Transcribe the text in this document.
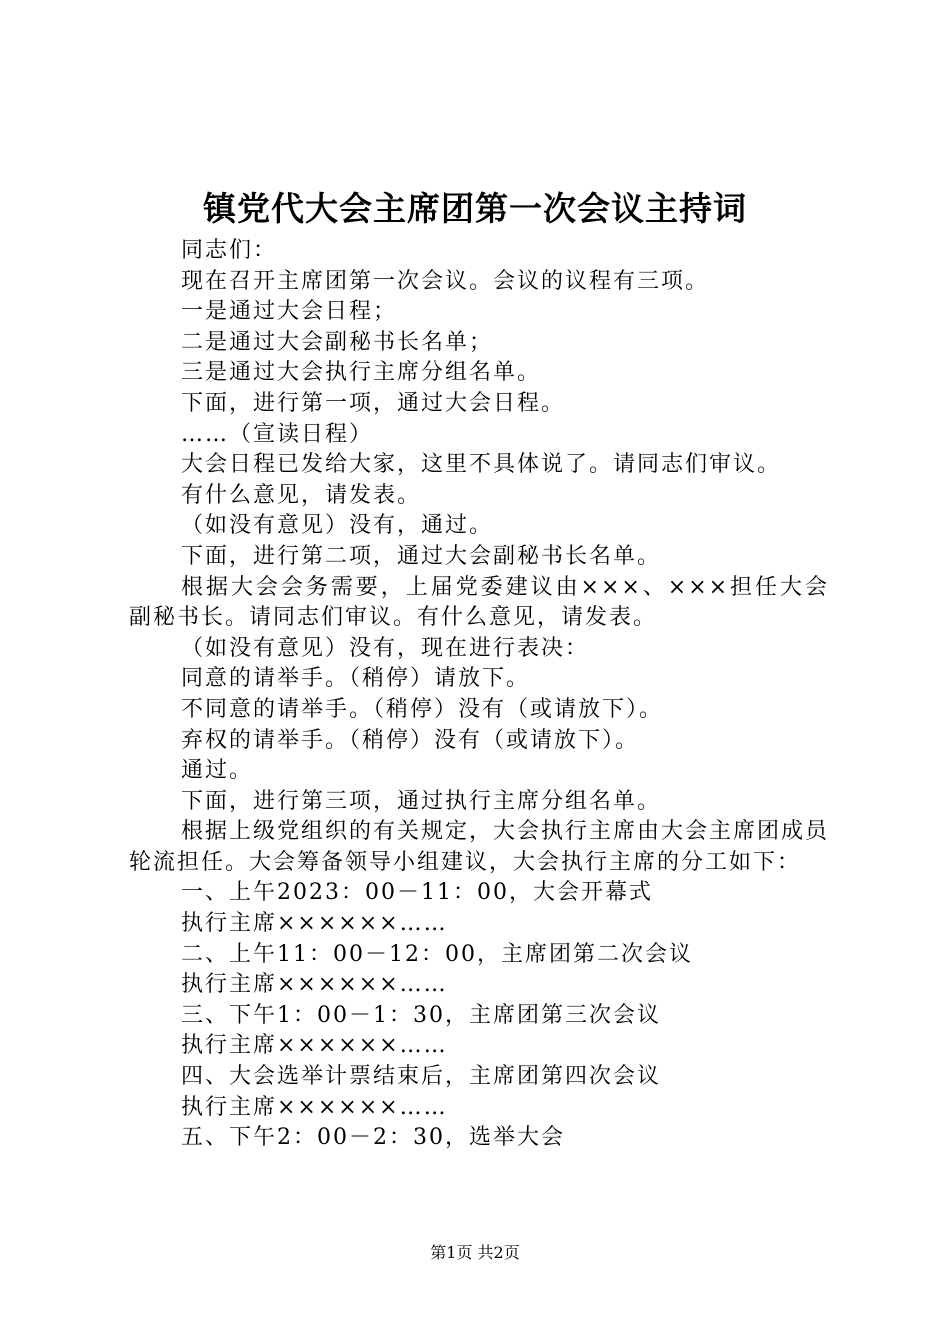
镇党代大会主席团第一次会议主持词

同志们：

现在召开主席团第一次会议。会议的议程有三项。

一是通过大会日程；

二是通过大会副秘书长名单；

三是通过大会执行主席分组名单。

下面，进行第一项，通过大会日程。

……（宣读日程）

大会日程已发给大家，这里不具体说了。请同志们审议。

有什么意见，请发表。

（如没有意见）没有，通过。

下面，进行第二项，通过大会副秘书长名单。

根据大会会务需要，上届党委建议由×××、×××担任大会副秘书长。请同志们审议。有什么意见，请发表。

（如没有意见）没有，现在进行表决：

同意的请举手。（稍停）请放下。

不同意的请举手。（稍停）没有（或请放下）。

弃权的请举手。（稍停）没有（或请放下）。

通过。

下面，进行第三项，通过执行主席分组名单。

根据上级党组织的有关规定，大会执行主席由大会主席团成员轮流担任。大会筹备领导小组建议，大会执行主席的分工如下：

一、上午2023：00－11：00，大会开幕式

执行主席××××××……

二、上午11：00－12：00，主席团第二次会议

执行主席××××××……

三、下午1：00－1：30，主席团第三次会议

执行主席××××××……

四、大会选举计票结束后，主席团第四次会议

执行主席××××××……

五、下午2：00－2：30，选举大会

第1页 共2页
